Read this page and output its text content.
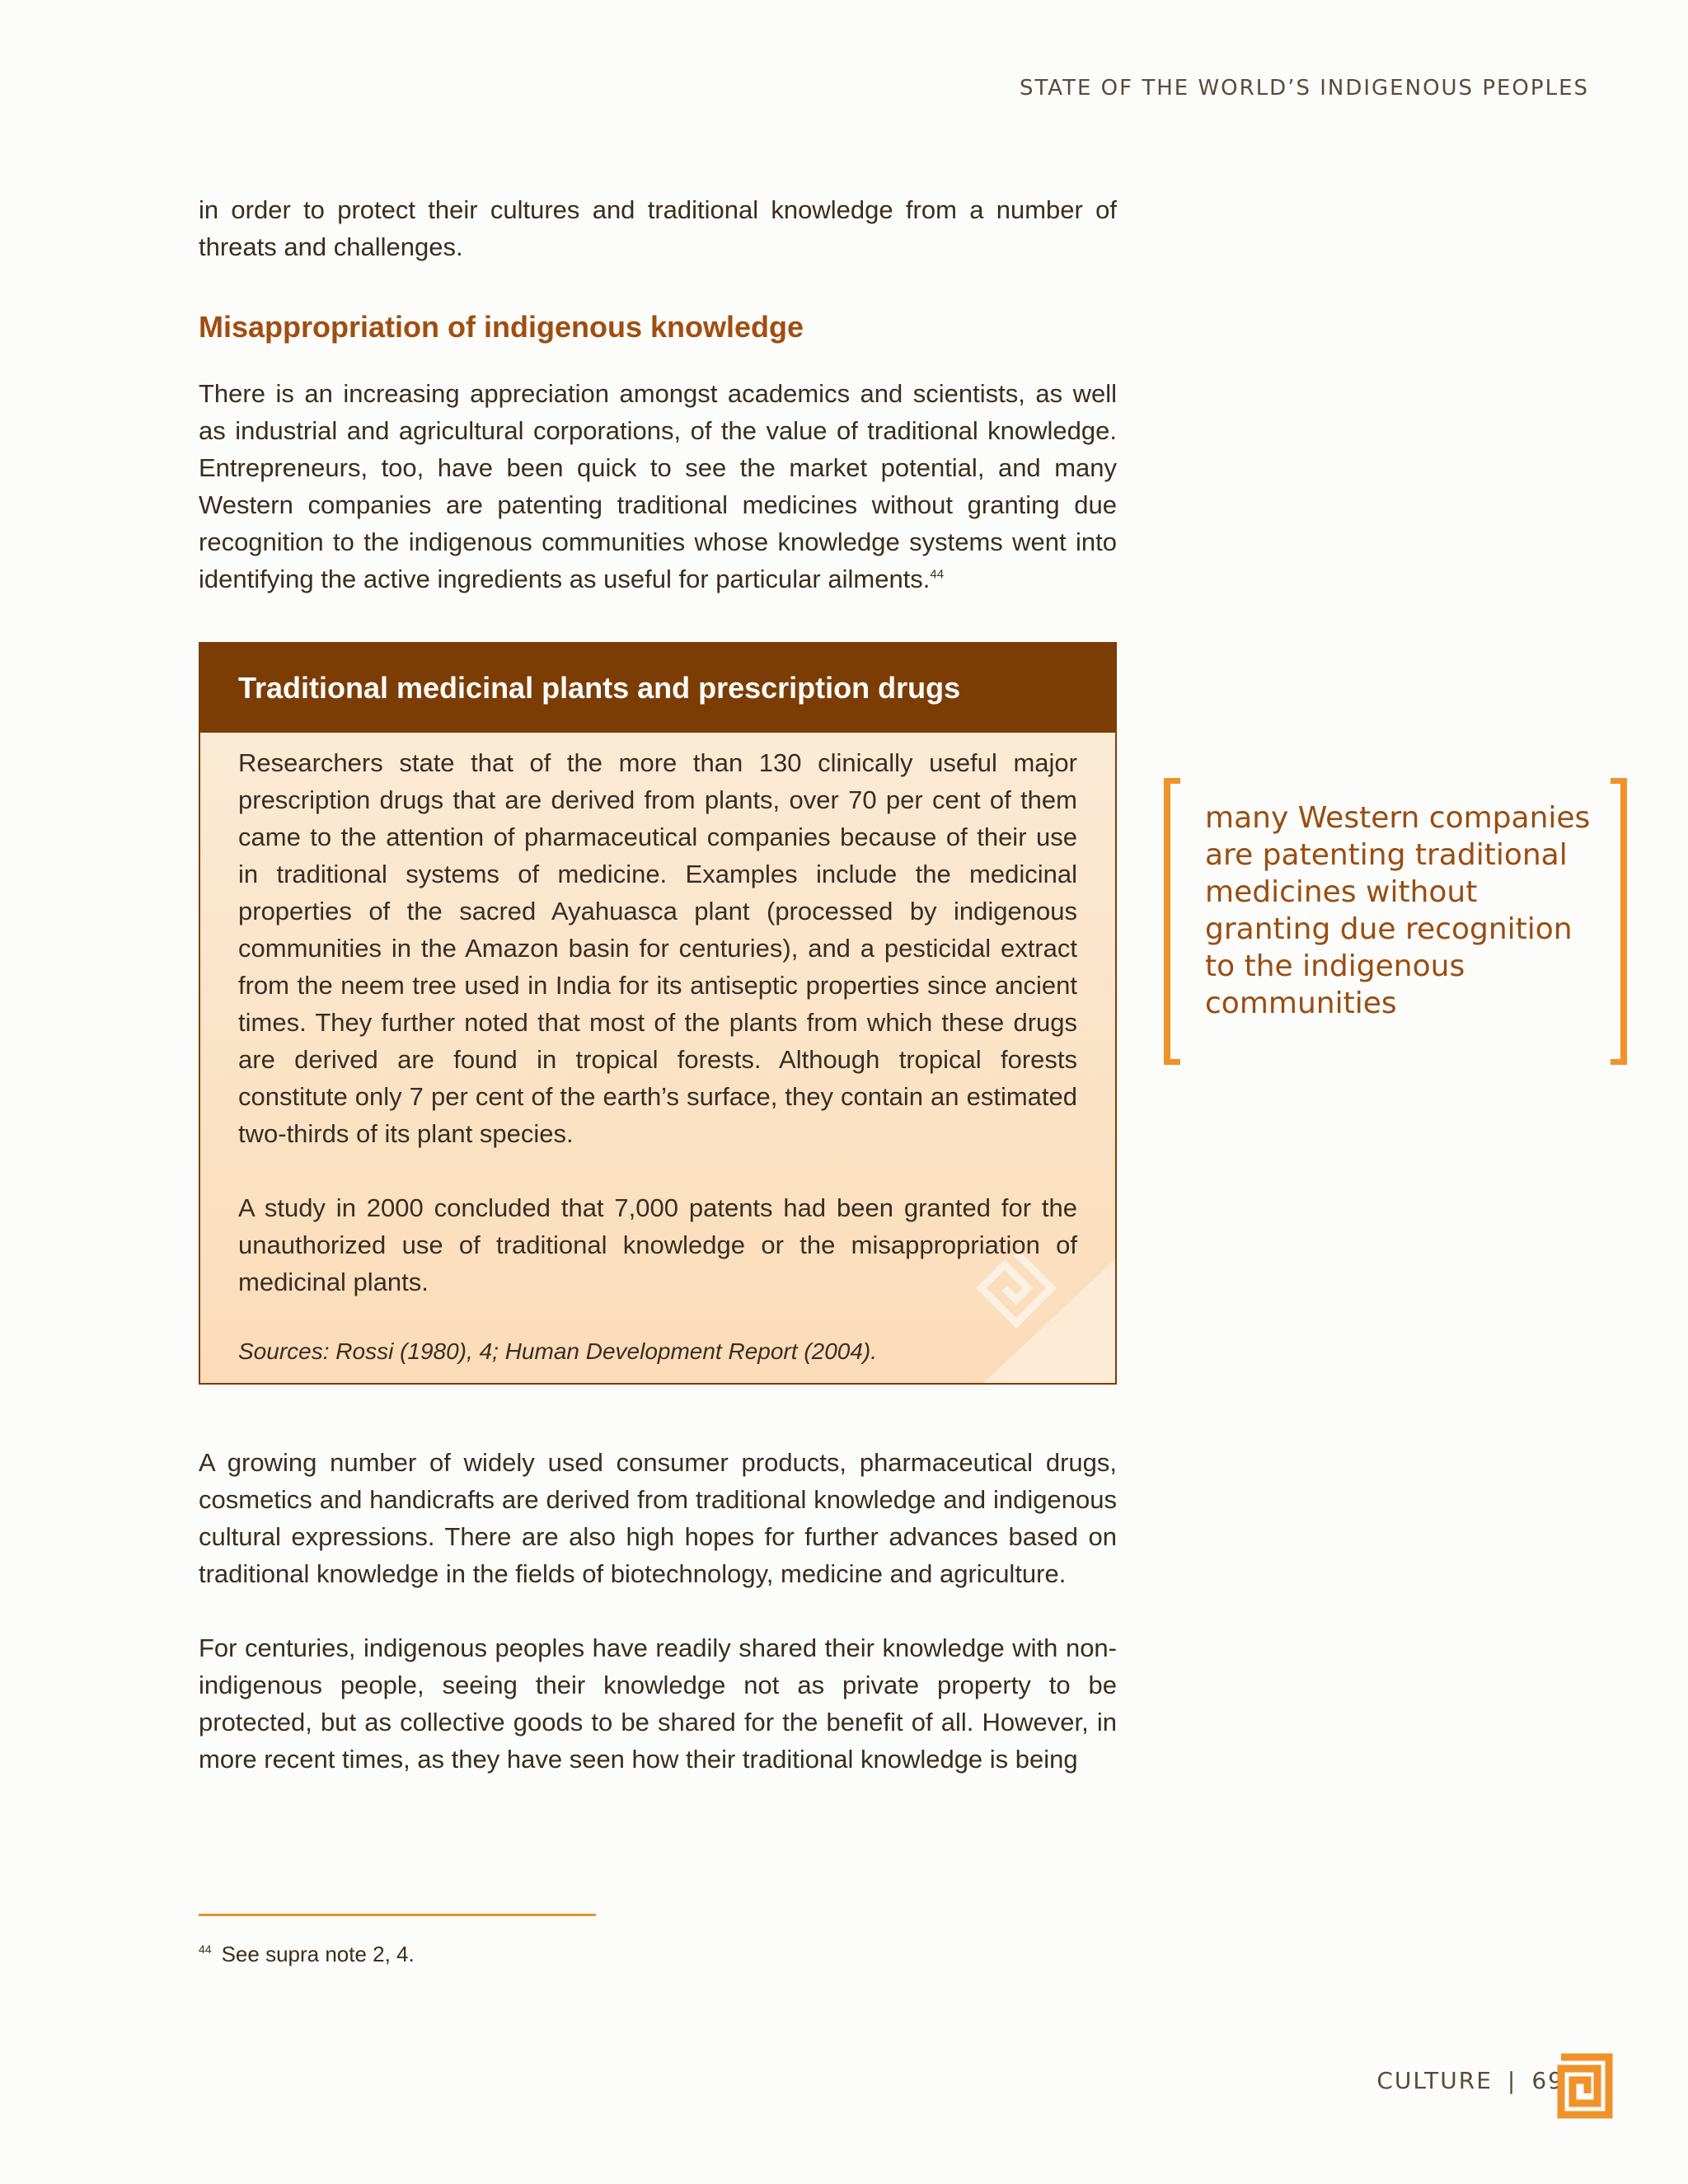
STATE OF THE WORLD’S INDIGENOUS PEOPLES

in order to protect their cultures and traditional knowledge from a number of threats and challenges.

Misappropriation of indigenous knowledge

There is an increasing appreciation amongst academics and scientists, as well as industrial and agricultural corporations, of the value of traditional knowledge. Entrepreneurs, too, have been quick to see the market potential, and many Western companies are patenting traditional medicines without granting due recognition to the indigenous communities whose knowledge systems went into identifying the active ingredients as useful for particular ailments.$^{44}$

Traditional medicinal plants and prescription drugs

Researchers state that of the more than 130 clinically useful major prescription drugs that are derived from plants, over 70 per cent of them came to the attention of pharmaceutical companies because of their use in traditional systems of medicine. Examples include the medicinal properties of the sacred Ayahuasca plant (processed by indigenous communities in the Amazon basin for centuries), and a pesticidal extract from the neem tree used in India for its antiseptic properties since ancient times. They further noted that most of the plants from which these drugs are derived are found in tropical forests. Although tropical forests constitute only 7 per cent of the earth’s surface, they contain an estimated two-thirds of its plant species.

A study in 2000 concluded that 7,000 patents had been granted for the unauthorized use of traditional knowledge or the misappropriation of medicinal plants.

Sources: Rossi (1980), 4; Human Development Report (2004).

A growing number of widely used consumer products, pharmaceutical drugs, cosmetics and handicrafts are derived from traditional knowledge and indigenous cultural expressions. There are also high hopes for further advances based on traditional knowledge in the fields of biotechnology, medicine and agriculture.

For centuries, indigenous peoples have readily shared their knowledge with non-indigenous people, seeing their knowledge not as private property to be protected, but as collective goods to be shared for the benefit of all. However, in more recent times, as they have seen how their traditional knowledge is being

many Western companies are patenting traditional medicines without granting due recognition to the indigenous communities
$^{44}$ See supra note 2, 4.
CULTURE | 69
